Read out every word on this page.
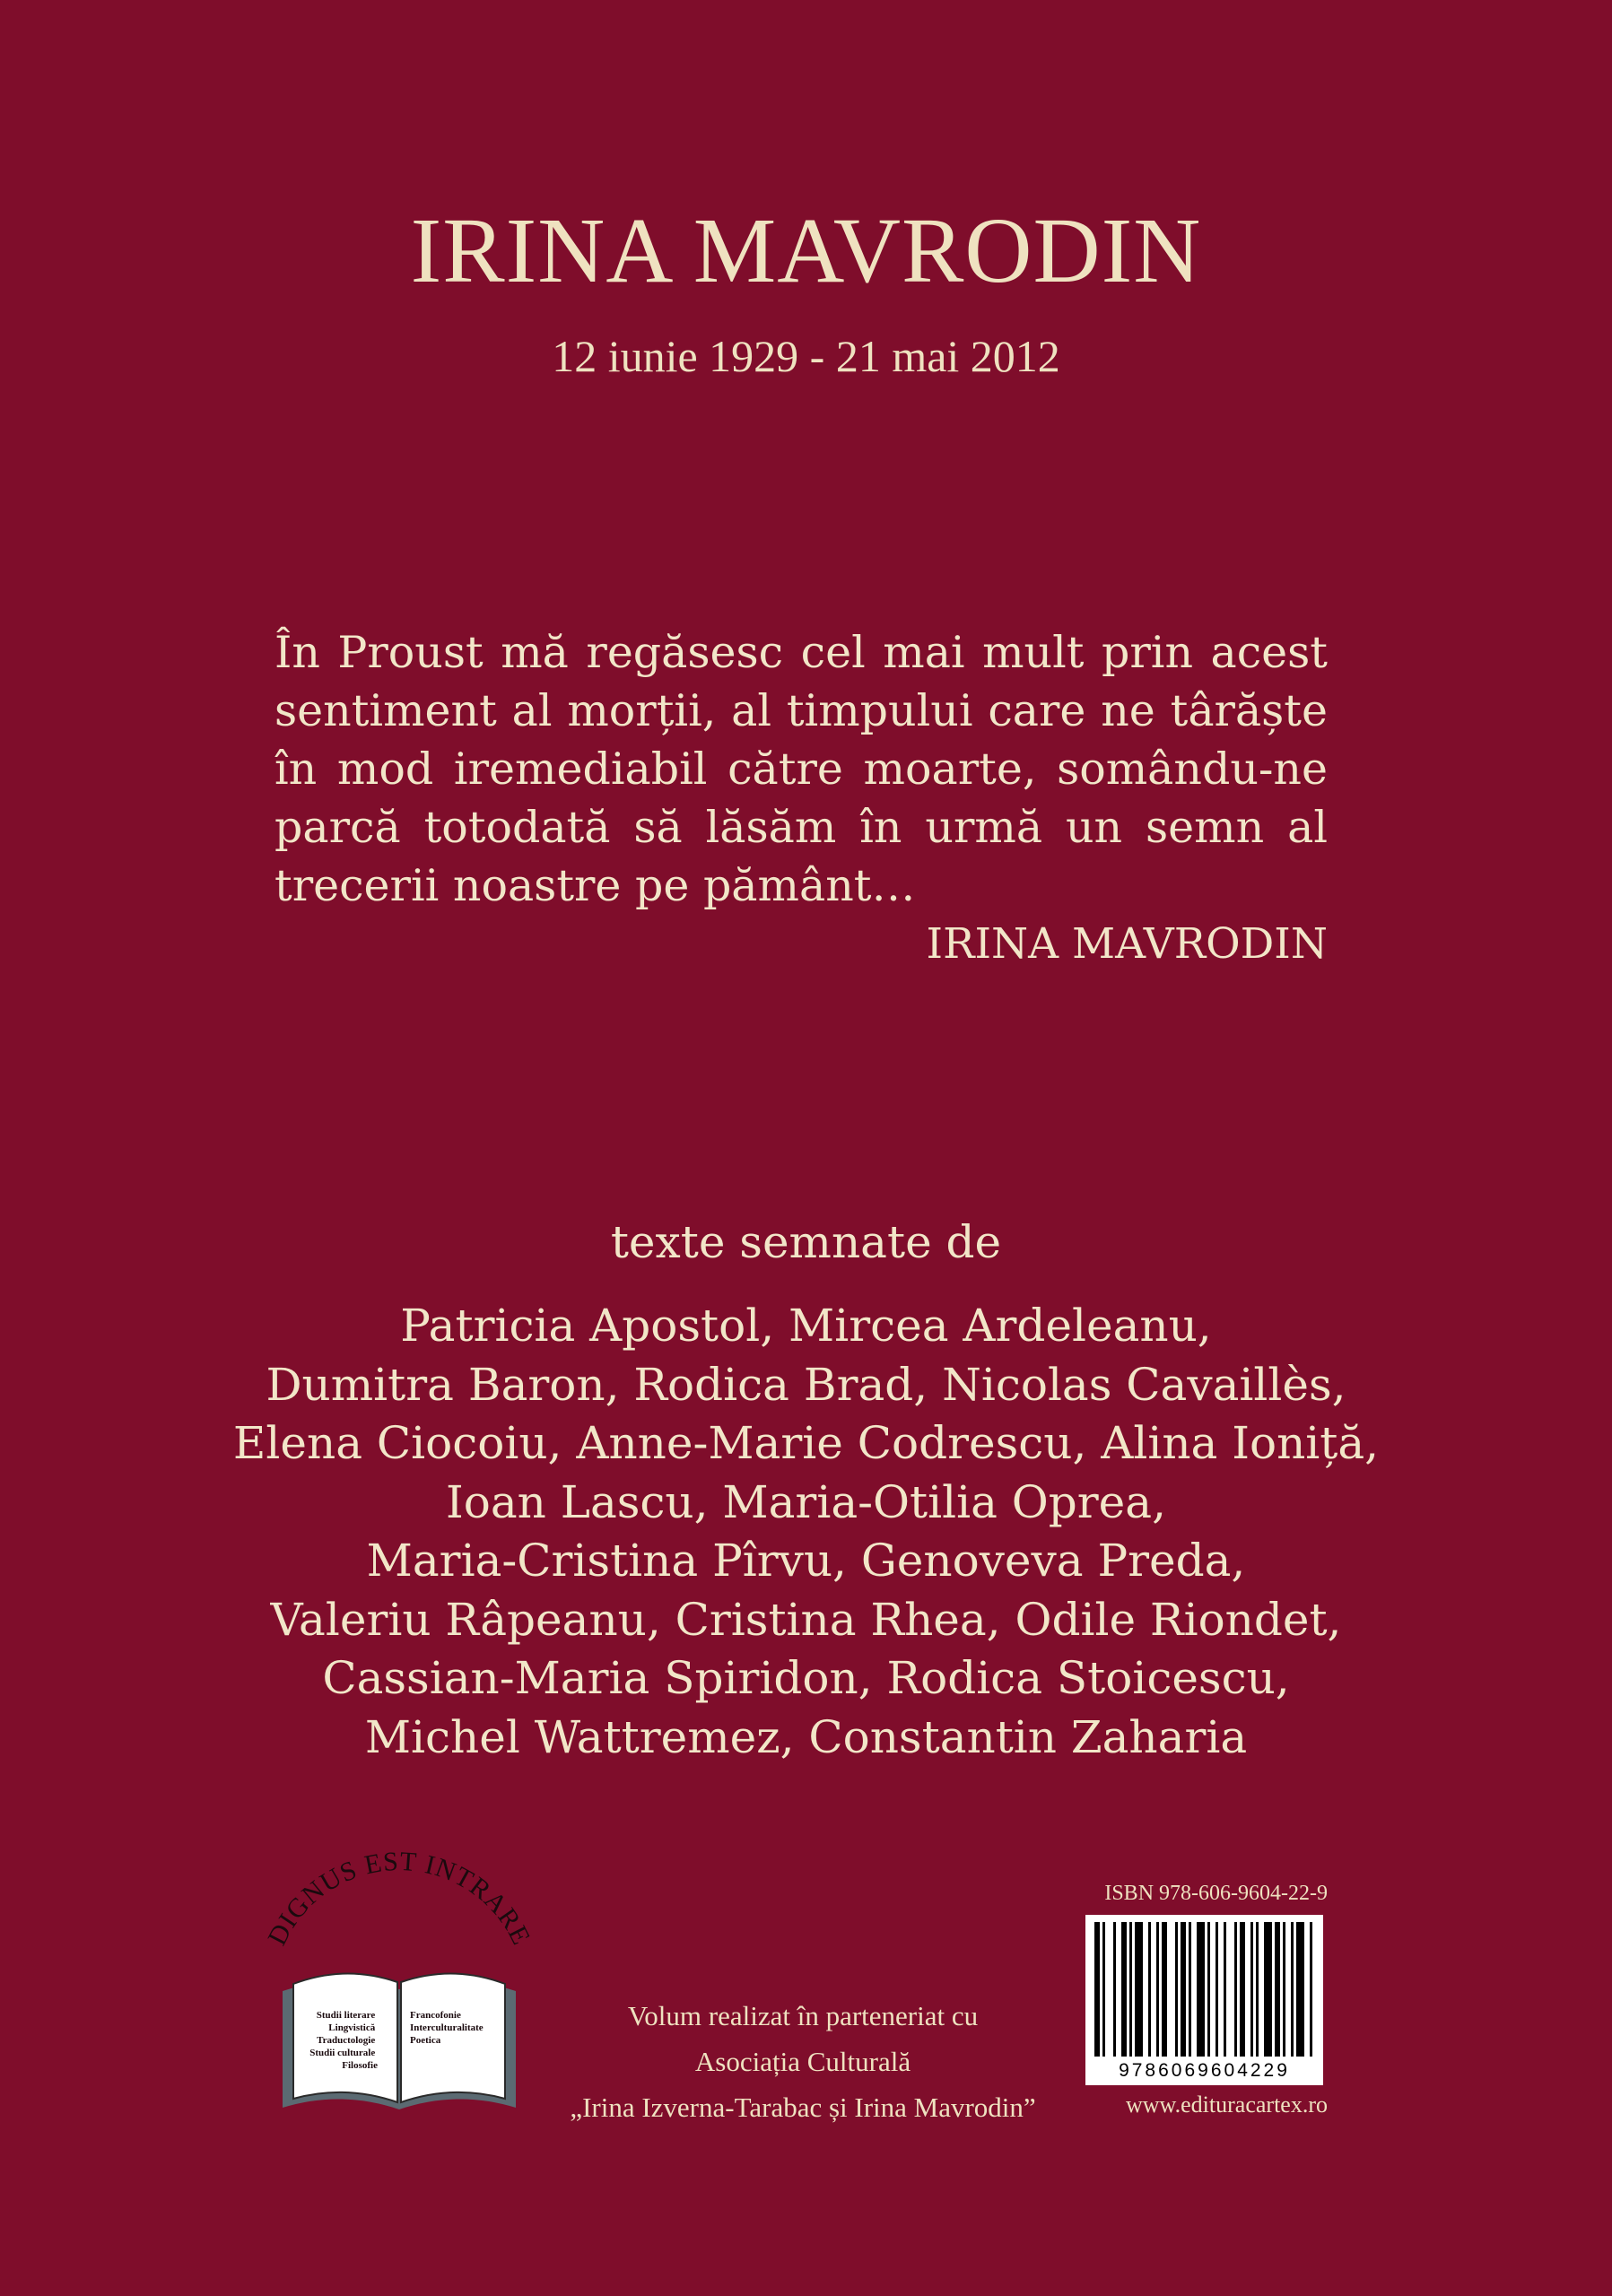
IRINA MAVRODIN
12 iunie 1929 - 21 mai 2012
În Proust mă regăsesc cel mai mult prin acest sentiment al morții, al timpului care ne târăște în mod iremediabil către moarte, somându-ne parcă totodată să lăsăm în urmă un semn al trecerii noastre pe pământ…
IRINA MAVRODIN
texte semnate de
Patricia Apostol, Mircea Ardeleanu,
Dumitra Baron, Rodica Brad, Nicolas Cavaillès,
Elena Ciocoiu, Anne-Marie Codrescu, Alina Ioniță,
Ioan Lascu, Maria-Otilia Oprea,
Maria-Cristina Pîrvu, Genoveva Preda,
Valeriu Râpeanu, Cristina Rhea, Odile Riondet,
Cassian-Maria Spiridon, Rodica Stoicescu,
Michel Wattremez, Constantin Zaharia
DIGNUS EST INTRARE
Studii literare Lingvistică Traductologie Studii culturale Filosofie
Francofonie Interculturalitate Poetica
Volum realizat în parteneriat cu
Asociația Culturală
„Irina Izverna-Tarabac și Irina Mavrodin”
ISBN 978-606-9604-22-9
9786069604229
www.edituracartex.ro
